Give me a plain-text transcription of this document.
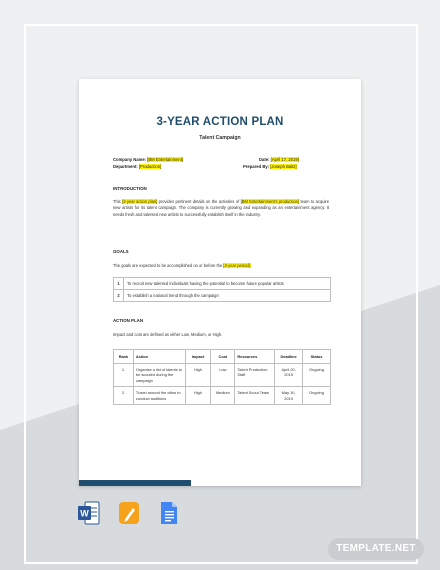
3-YEAR ACTION PLAN
Talent Campaign
Company Name: [BM Entertainment]
Department: [Production]
Date: [April 17, 2019]
Prepared By: [Joseph Baltz]
INTRODUCTION
This [3-year action plan] provides pertinent details on the activities of [BM Entertainment's production] team to acquire new artists for its talent campaign. The company is currently growing and expanding as an entertainment agency. It needs fresh and talented new artists to successfully establish itself in the industry.
GOALS
The goals are expected to be accomplished on or before the [3-year period].
1	To recruit new talented individuals having the potential to become future popular artists
2	To establish a national trend through the campaign
ACTION PLAN
Impact and cost are defined as either Low, Medium, or High.
Rank	Action	Impact	Cost	Resources	Deadline	Status
1.	Organize a list of talents to be scouted during the campaign	High	Low	Talent Production Staff	April 20, 2019	Ongoing
2.	Travel around the cities to conduct auditions	High	Medium	Talent Scout Team	May 10, 2019	Ongoing
W
TEMPLATE.NET
